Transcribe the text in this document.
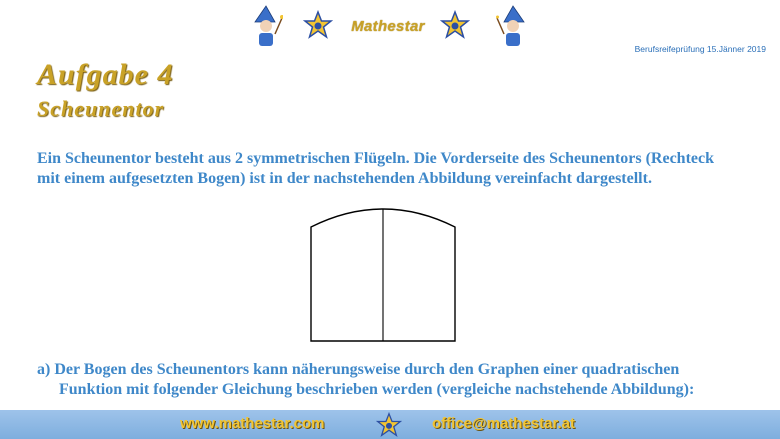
Mathestar
Berufsreifeprüfung 15.Jänner 2019
Aufgabe 4
Scheunentor
Ein Scheunentor besteht aus 2 symmetrischen Flügeln. Die Vorderseite des Scheunentors (Rechteck mit einem aufgesetzten Bogen) ist in der nachstehenden Abbildung vereinfacht dargestellt.
a) Der Bogen des Scheunentors kann näherungsweise durch den Graphen einer quadratischen
Funktion mit folgender Gleichung beschrieben werden (vergleiche nachstehende Abbildung):
www.mathestar.com	office@mathestar.at
